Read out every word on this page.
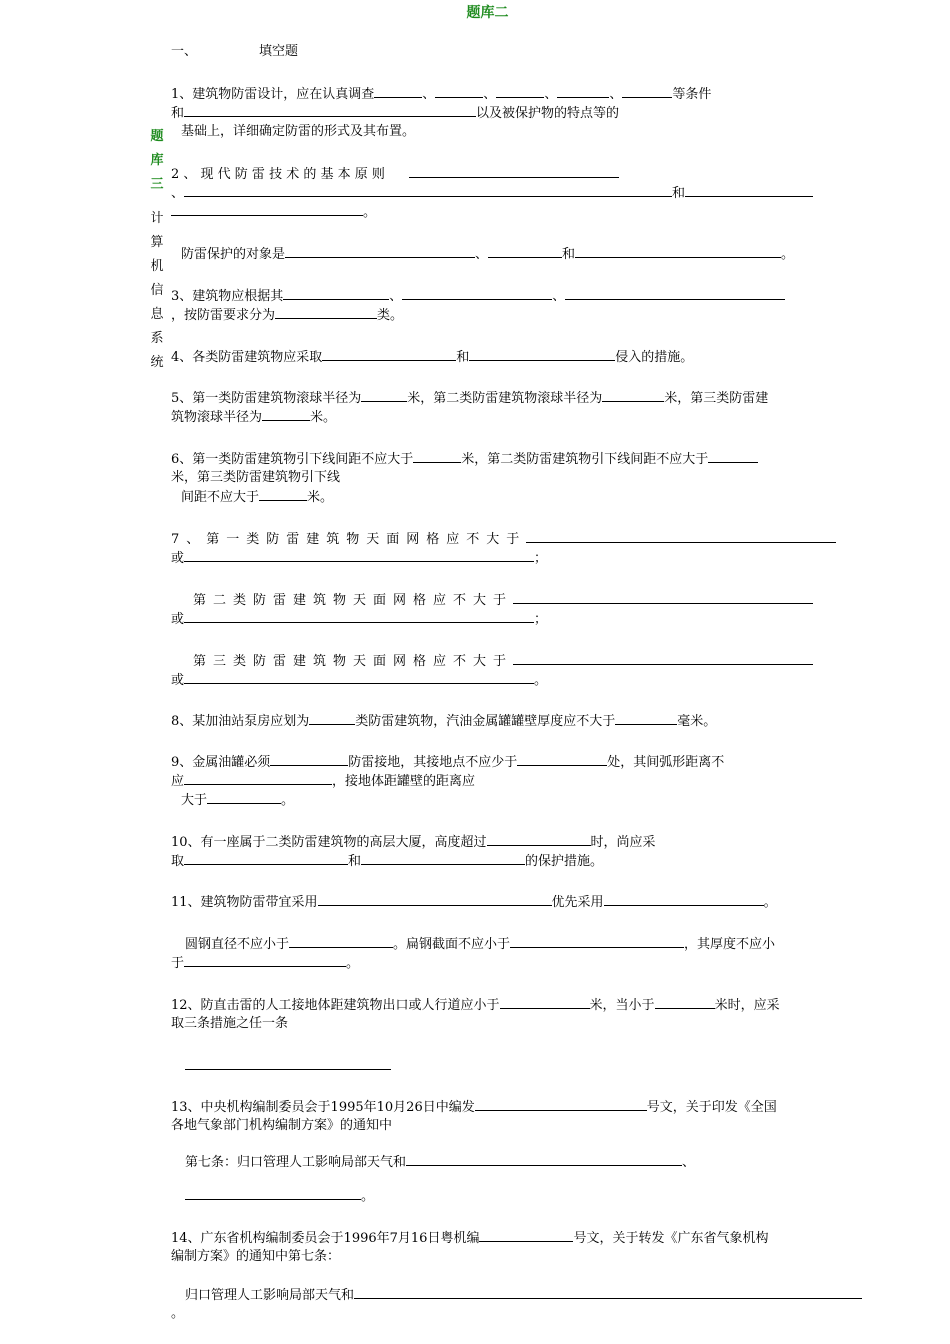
题库二
题
库
三
计
算
机
信
息
系
统
一、	填空题
1、建筑物防雷设计，应在认真调查	、	、	、	、	等条件
和	以及被保护物的特点等的
基础上，详细确定防雷的形式及其布置。
2 、 现 代 防 雷 技 术 的 基 本 原 则
、	和
。
防雷保护的对象是	、	和	。
3、建筑物应根据其	、	、
，按防雷要求分为	类。
4、各类防雷建筑物应采取	和	侵入的措施。
5、第一类防雷建筑物滚球半径为	米，第二类防雷建筑物滚球半径为	米，第三类防雷建
筑物滚球半径为	米。
6、第一类防雷建筑物引下线间距不应大于	米，第二类防雷建筑物引下线间距不应大于
米，第三类防雷建筑物引下线
间距不应大于	米。
7、第一类防雷建筑物天面网格应不大于
或	；
第二类防雷建筑物天面网格应不大于
或	；
第三类防雷建筑物天面网格应不大于
或	。
8、某加油站泵房应划为	类防雷建筑物，汽油金属罐罐壁厚度应不大于	毫米。
9、金属油罐必须	防雷接地，其接地点不应少于	处，其间弧形距离不
应	，接地体距罐壁的距离应
大于	。
10、有一座属于二类防雷建筑物的高层大厦，高度超过	时，尚应采
取	和	的保护措施。
11、建筑物防雷带宜采用	优先采用	。
圆钢直径不应小于	。扁钢截面不应小于	，其厚度不应小
于	。
12、防直击雷的人工接地体距建筑物出口或人行道应小于	米，当小于	米时，应采
取三条措施之任一条
13、中央机构编制委员会于1995年10月26日中编发	号文，关于印发《全国
各地气象部门机构编制方案》的通知中
第七条：归口管理人工影响局部天气和	、
。
14、广东省机构编制委员会于1996年7月16日粤机编	号文，关于转发《广东省气象机构
编制方案》的通知中第七条：
归口管理人工影响局部天气和
。
